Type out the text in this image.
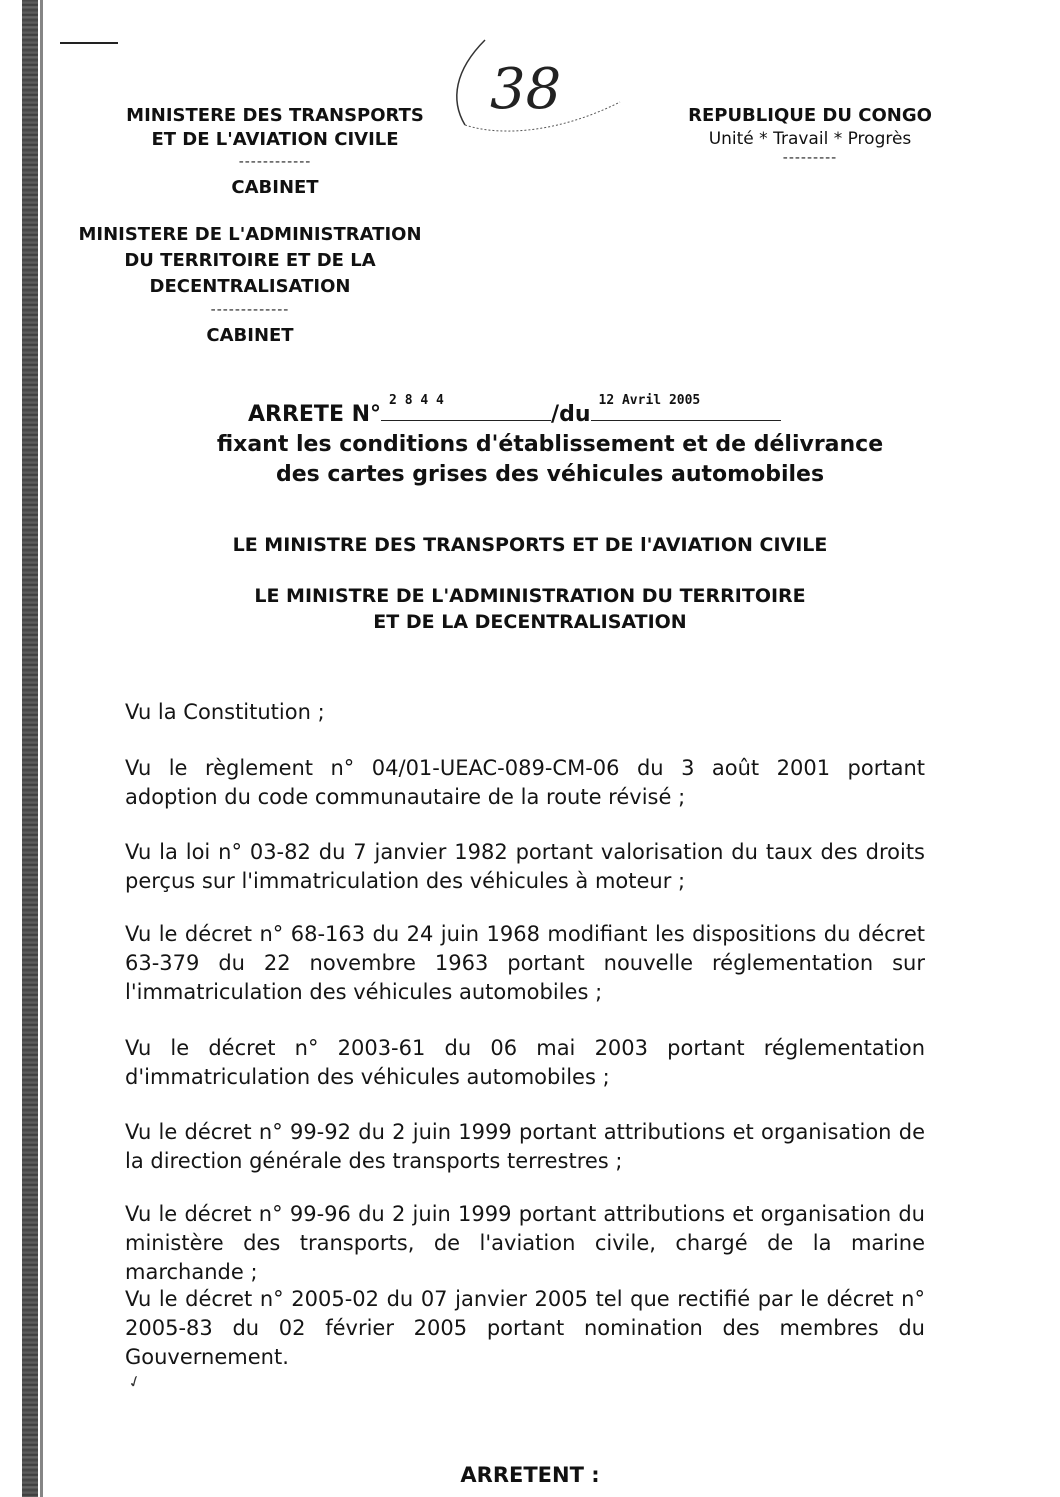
MINISTERE DES TRANSPORTS
ET DE L'AVIATION CIVILE
------------
CABINET
MINISTERE DE L'ADMINISTRATION
DU TERRITOIRE ET DE LA
DECENTRALISATION
-------------
CABINET
38	REPUBLIQUE DU CONGO
Unité * Travail * Progrès
---------
ARRETE N°
2 8 4 4
/du
12 Avril 2005
fixant les conditions d'établissement et de délivrance
des cartes grises des véhicules automobiles
LE MINISTRE DES TRANSPORTS ET DE l'AVIATION CIVILE
LE MINISTRE DE L'ADMINISTRATION DU TERRITOIRE
ET DE LA DECENTRALISATION
Vu la Constitution ;
Vu le règlement n° 04/01-UEAC-089-CM-06 du 3 août 2001 portant adoption du code communautaire de la route révisé ;
Vu la loi n° 03-82 du 7 janvier 1982 portant valorisation du taux des droits perçus sur l'immatriculation des véhicules à moteur ;
Vu le décret n° 68-163 du 24 juin 1968 modifiant les dispositions du décret 63-379 du 22 novembre 1963 portant nouvelle réglementation sur l'immatriculation des véhicules automobiles ;
Vu le décret n° 2003-61 du 06 mai 2003 portant réglementation d'immatriculation des véhicules automobiles ;
Vu le décret n° 99-92 du 2 juin 1999 portant attributions et organisation de la direction générale des transports terrestres ;
Vu le décret n° 99-96 du 2 juin 1999 portant attributions et organisation du ministère des transports, de l'aviation civile, chargé de la marine marchande ;
Vu le décret n° 2005-02 du 07 janvier 2005 tel que rectifié par le décret n° 2005-83 du 02 février 2005 portant nomination des membres du Gouvernement.
✓
ARRETENT :
